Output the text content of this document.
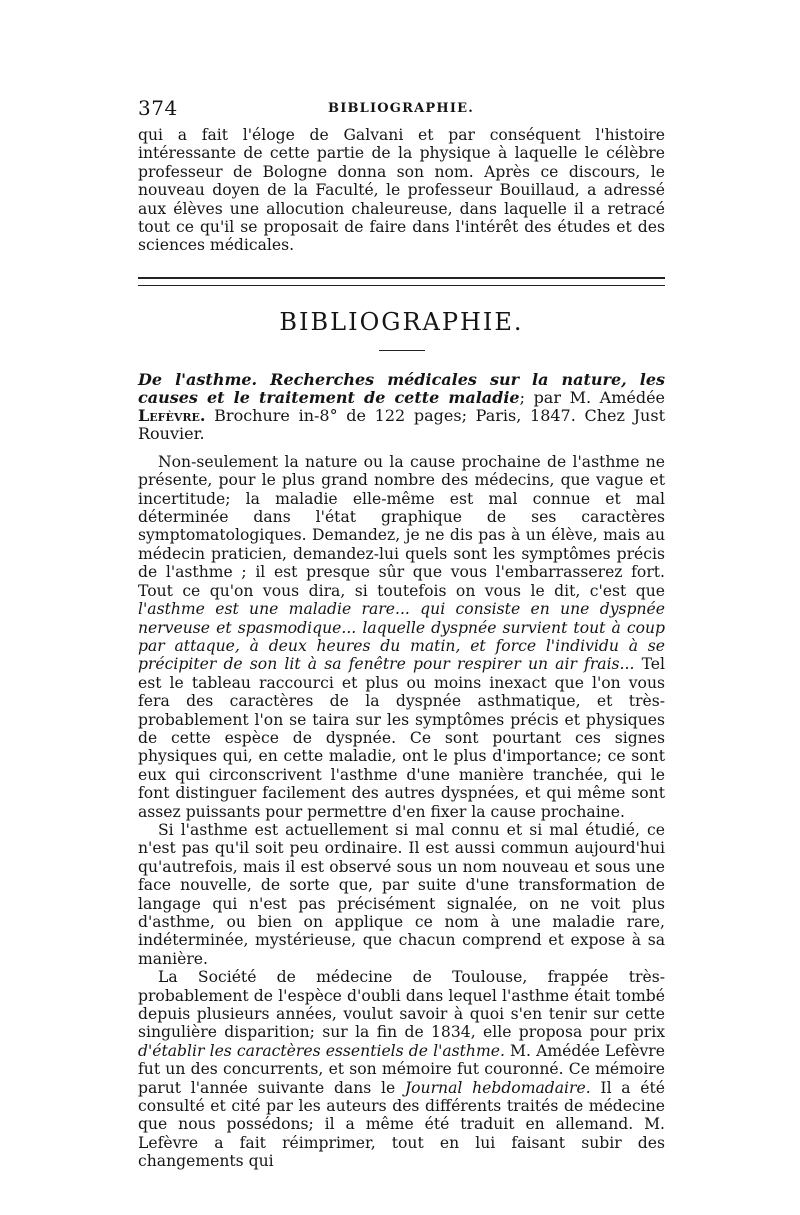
374	BIBLIOGRAPHIE.

qui a fait l'éloge de Galvani et par conséquent l'histoire intéressante de cette partie de la physique à laquelle le célèbre professeur de Bologne donna son nom. Après ce discours, le nouveau doyen de la Faculté, le professeur Bouillaud, a adressé aux élèves une allocution chaleureuse, dans laquelle il a retracé tout ce qu'il se proposait de faire dans l'intérêt des études et des sciences médicales.

BIBLIOGRAPHIE.
De l'asthme. Recherches médicales sur la nature, les causes et le traitement de cette maladie; par M. Amédée Lefèvre. Brochure in-8° de 122 pages; Paris, 1847. Chez Just Rouvier.

Non-seulement la nature ou la cause prochaine de l'asthme ne présente, pour le plus grand nombre des médecins, que vague et incertitude; la maladie elle-même est mal connue et mal déterminée dans l'état graphique de ses caractères symptomatologiques. Demandez, je ne dis pas à un élève, mais au médecin praticien, demandez-lui quels sont les symptômes précis de l'asthme ; il est presque sûr que vous l'embarrasserez fort. Tout ce qu'on vous dira, si toutefois on vous le dit, c'est que l'asthme est une maladie rare... qui consiste en une dyspnée nerveuse et spasmodique... laquelle dyspnée survient tout à coup par attaque, à deux heures du matin, et force l'individu à se précipiter de son lit à sa fenêtre pour respirer un air frais... Tel est le tableau raccourci et plus ou moins inexact que l'on vous fera des caractères de la dyspnée asthmatique, et très-probablement l'on se taira sur les symptômes précis et physiques de cette espèce de dyspnée. Ce sont pourtant ces signes physiques qui, en cette maladie, ont le plus d'importance; ce sont eux qui circonscrivent l'asthme d'une manière tranchée, qui le font distinguer facilement des autres dyspnées, et qui même sont assez puissants pour permettre d'en fixer la cause prochaine.

Si l'asthme est actuellement si mal connu et si mal étudié, ce n'est pas qu'il soit peu ordinaire. Il est aussi commun aujourd'hui qu'autrefois, mais il est observé sous un nom nouveau et sous une face nouvelle, de sorte que, par suite d'une transformation de langage qui n'est pas précisément signalée, on ne voit plus d'asthme, ou bien on applique ce nom à une maladie rare, indéterminée, mystérieuse, que chacun comprend et expose à sa manière.

La Société de médecine de Toulouse, frappée très-probablement de l'espèce d'oubli dans lequel l'asthme était tombé depuis plusieurs années, voulut savoir à quoi s'en tenir sur cette singulière disparition; sur la fin de 1834, elle proposa pour prix d'établir les caractères essentiels de l'asthme. M. Amédée Lefèvre fut un des concurrents, et son mémoire fut couronné. Ce mémoire parut l'année suivante dans le Journal hebdomadaire. Il a été consulté et cité par les auteurs des différents traités de médecine que nous possédons; il a même été traduit en allemand. M. Lefèvre a fait réimprimer, tout en lui faisant subir des changements qui
